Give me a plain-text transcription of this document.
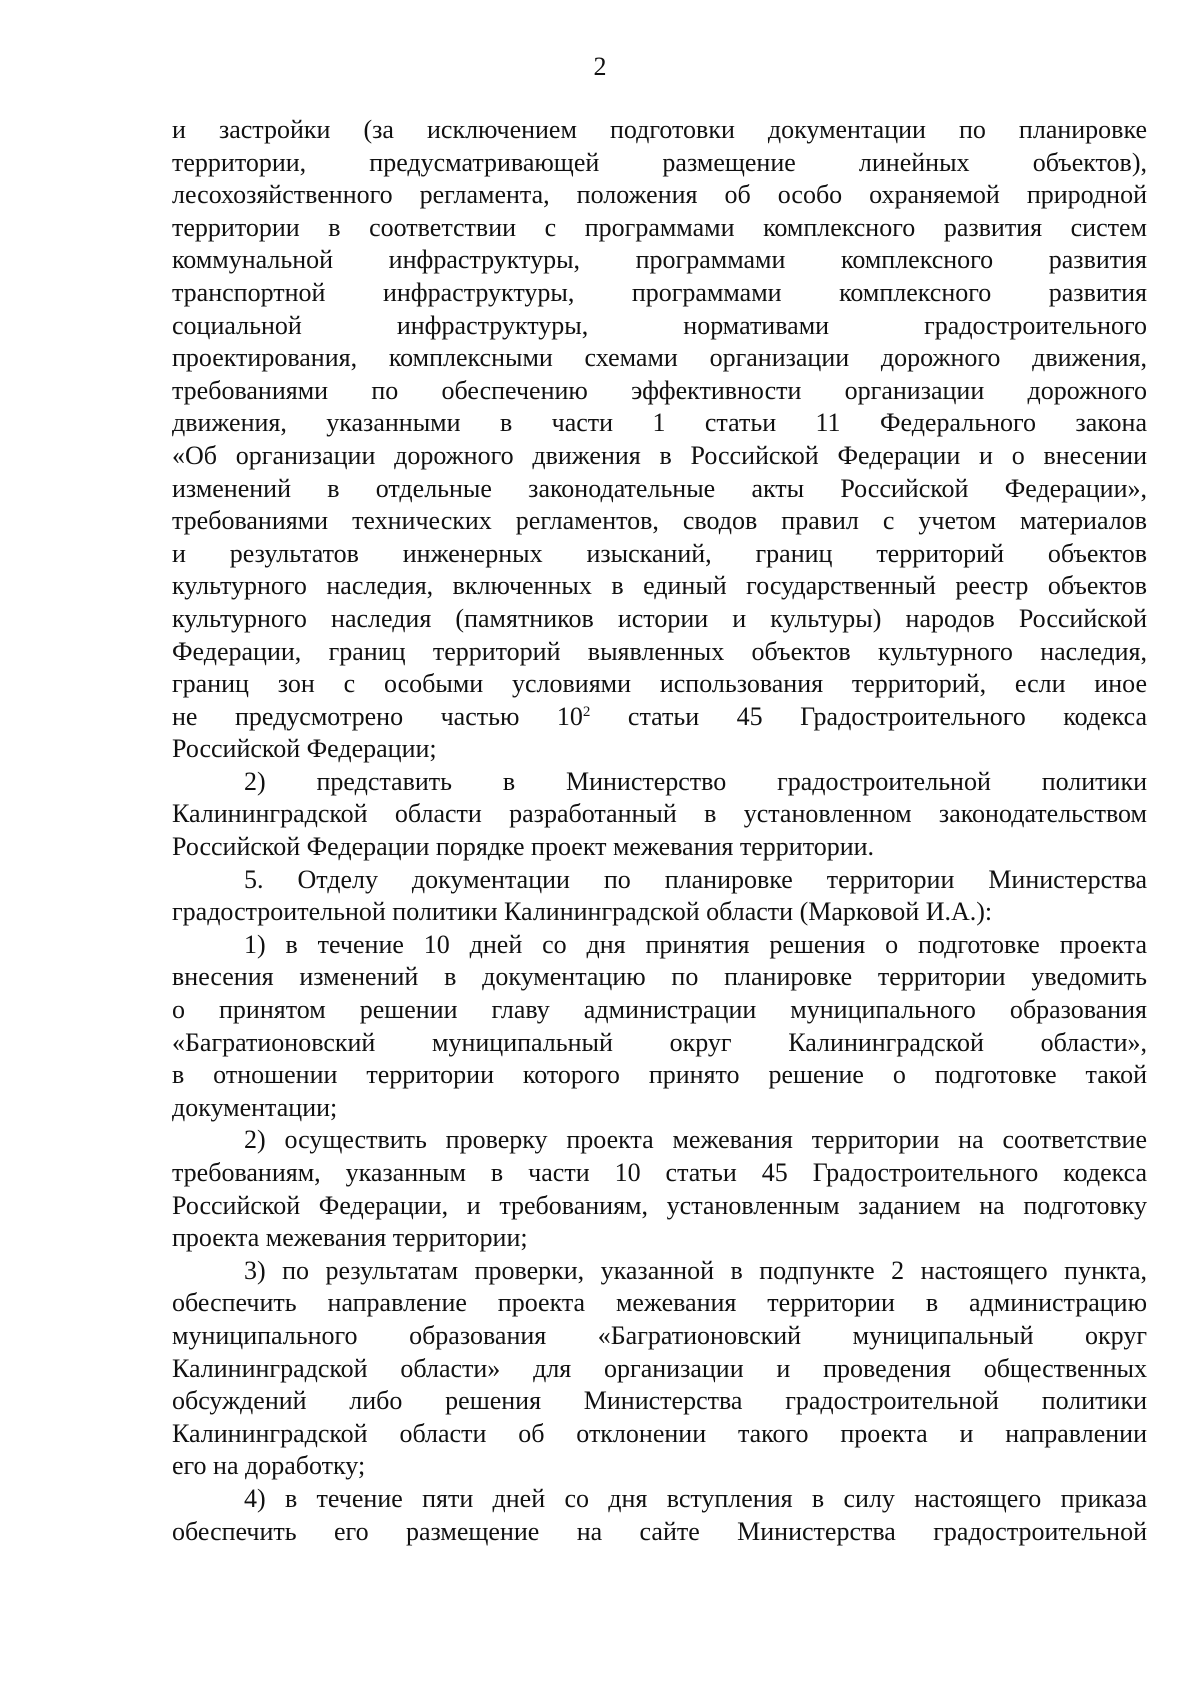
2
и застройки (за исключением подготовки документации по планировке
территории, предусматривающей размещение линейных объектов),
лесохозяйственного регламента, положения об особо охраняемой природной
территории в соответствии с программами комплексного развития систем
коммунальной инфраструктуры, программами комплексного развития
транспортной инфраструктуры, программами комплексного развития
социальной инфраструктуры, нормативами градостроительного
проектирования, комплексными схемами организации дорожного движения,
требованиями по обеспечению эффективности организации дорожного
движения, указанными в части 1 статьи 11 Федерального закона
«Об организации дорожного движения в Российской Федерации и о внесении
изменений в отдельные законодательные акты Российской Федерации»,
требованиями технических регламентов, сводов правил с учетом материалов
и результатов инженерных изысканий, границ территорий объектов
культурного наследия, включенных в единый государственный реестр объектов
культурного наследия (памятников истории и культуры) народов Российской
Федерации, границ территорий выявленных объектов культурного наследия,
границ зон с особыми условиями использования территорий, если иное
не предусмотрено частью $10^2$ статьи 45 Градостроительного кодекса
Российской Федерации;
2) представить в Министерство градостроительной политики
Калининградской области разработанный в установленном законодательством
Российской Федерации порядке проект межевания территории.
5. Отделу документации по планировке территории Министерства
градостроительной политики Калининградской области (Марковой И.А.):
1) в течение 10 дней со дня принятия решения о подготовке проекта
внесения изменений в документацию по планировке территории уведомить
о принятом решении главу администрации муниципального образования
«Багратионовский муниципальный округ Калининградской области»,
в отношении территории которого принято решение о подготовке такой
документации;
2) осуществить проверку проекта межевания территории на соответствие
требованиям, указанным в части 10 статьи 45 Градостроительного кодекса
Российской Федерации, и требованиям, установленным заданием на подготовку
проекта межевания территории;
3) по результатам проверки, указанной в подпункте 2 настоящего пункта,
обеспечить направление проекта межевания территории в администрацию
муниципального образования «Багратионовский муниципальный округ
Калининградской области» для организации и проведения общественных
обсуждений либо решения Министерства градостроительной политики
Калининградской области об отклонении такого проекта и направлении
его на доработку;
4) в течение пяти дней со дня вступления в силу настоящего приказа
обеспечить его размещение на сайте Министерства градостроительной
